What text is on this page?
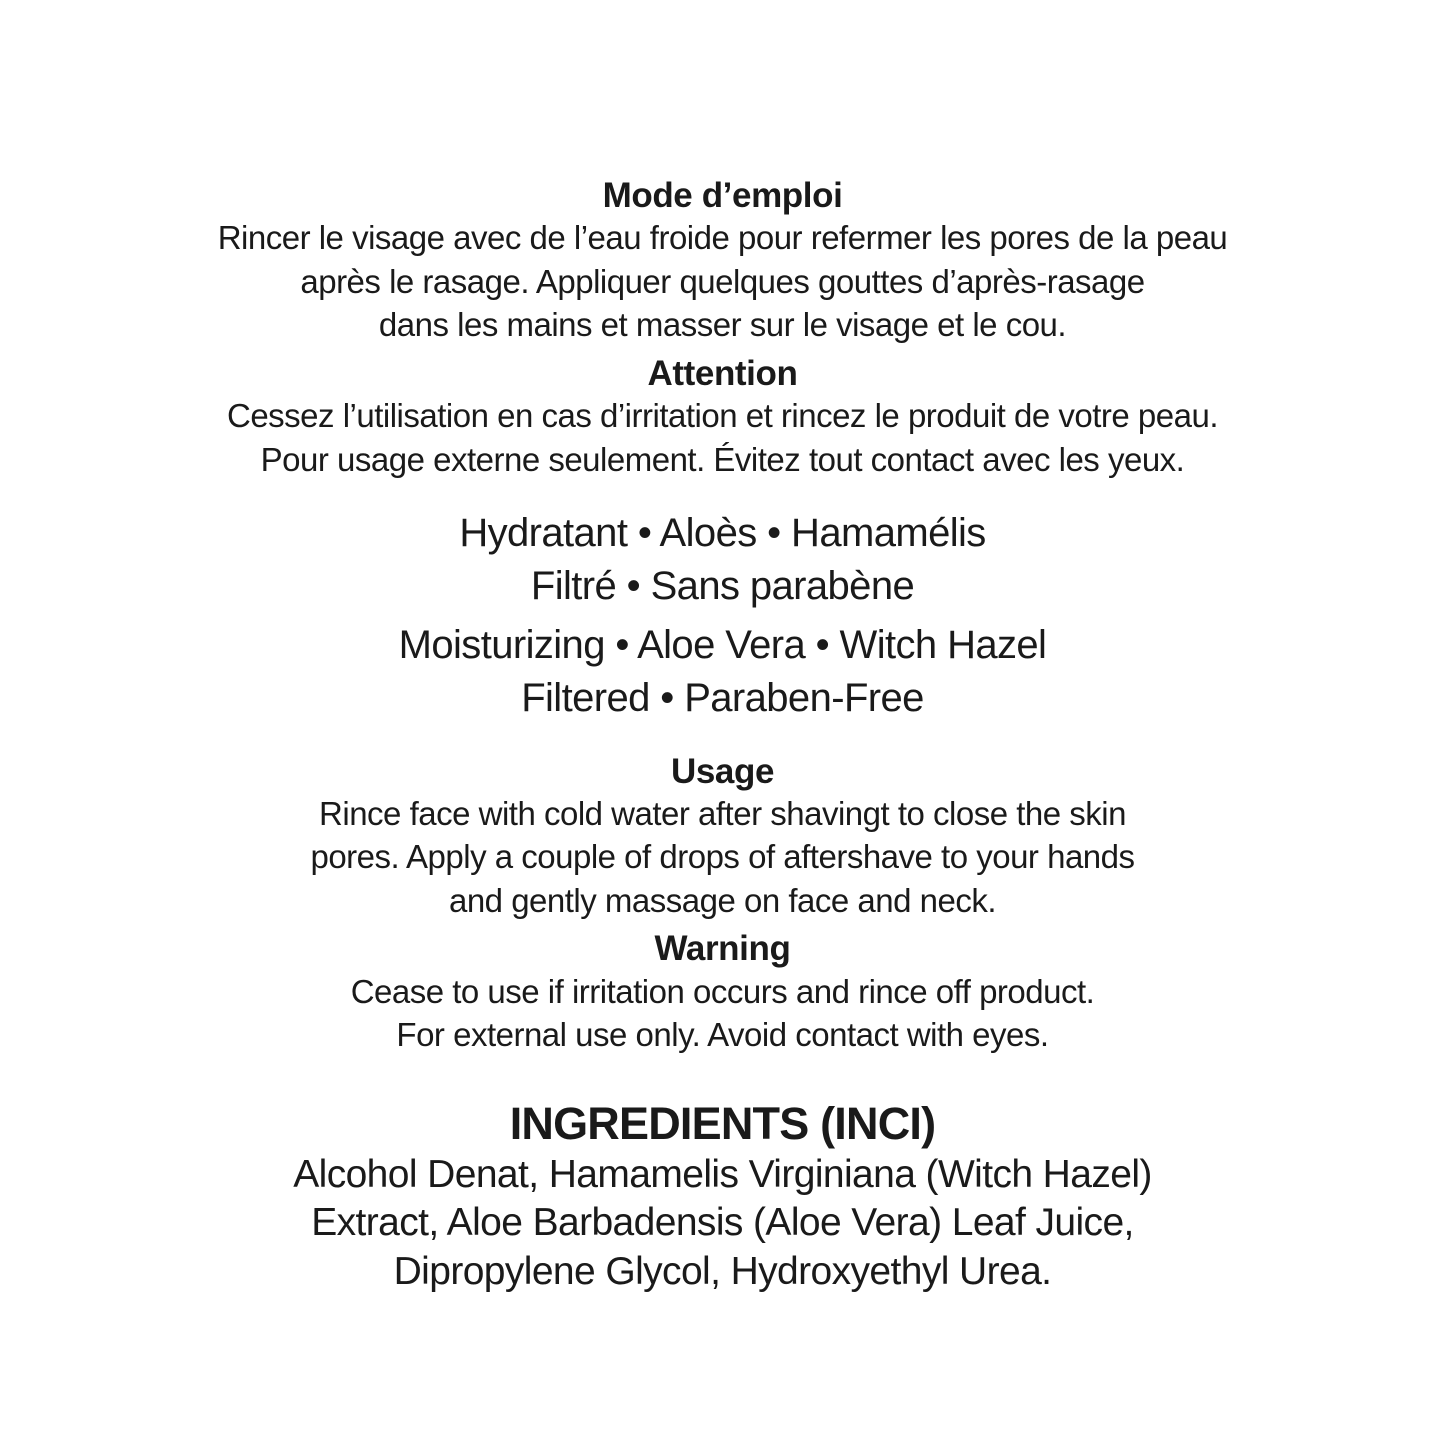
Mode d’emploi
Rincer le visage avec de l’eau froide pour refermer les pores de la peau
après le rasage. Appliquer quelques gouttes d’après-rasage
dans les mains et masser sur le visage et le cou.
Attention
Cessez l’utilisation en cas d’irritation et rincez le produit de votre peau.
Pour usage externe seulement. Évitez tout contact avec les yeux.
Hydratant • Aloès • Hamamélis
Filtré • Sans parabène
Moisturizing • Aloe Vera • Witch Hazel
Filtered • Paraben-Free
Usage
Rince face with cold water after shavingt to close the skin
pores. Apply a couple of drops of aftershave to your hands
and gently massage on face and neck.
Warning
Cease to use if irritation occurs and rince off product.
For external use only. Avoid contact with eyes.
INGREDIENTS (INCI)
Alcohol Denat, Hamamelis Virginiana (Witch Hazel)
Extract, Aloe Barbadensis (Aloe Vera) Leaf Juice,
Dipropylene Glycol, Hydroxyethyl Urea.
